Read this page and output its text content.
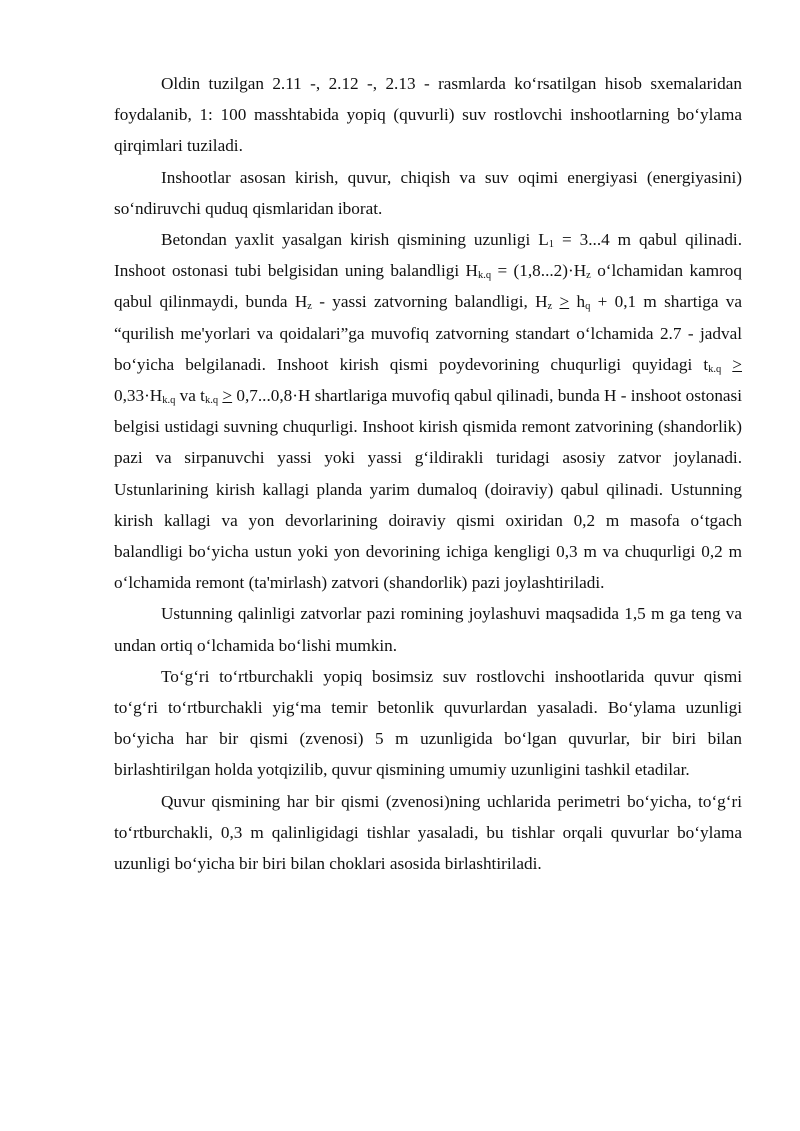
Oldin tuzilgan 2.11 -, 2.12 -, 2.13 - rasmlarda ko‘rsatilgan hisob sxemalaridan foydalanib, 1: 100 masshtabida yopiq (quvurli) suv rostlovchi inshootlarning bo‘ylama qirqimlari tuziladi.

Inshootlar asosan kirish, quvur, chiqish va suv oqimi energiyasi (energiyasini) so‘ndiruvchi quduq qismlaridan iborat.

Betondan yaxlit yasalgan kirish qismining uzunligi $L_1 = 3...4$ m qabul qilinadi. Inshoot ostonasi tubi belgisidan uning balandligi $H_{k.q} = (1,8...2)\cdot H_z$ o‘lchamidan kamroq qabul qilinmaydi, bunda $H_z$ - yassi zatvorning balandligi, $H_z > h_q + 0,1$ m shartiga va “qurilish me'yorlari va qoidalari”ga muvofiq zatvorning standart o‘lchamida 2.7 - jadval bo‘yicha belgilanadi. Inshoot kirish qismi poydevorining chuqurligi quyidagi $t_{k.q} > 0,33\cdot H_{k.q}$ va $t_{k.q} > 0,7...0,8\cdot H$ shartlariga muvofiq qabul qilinadi, bunda H - inshoot ostonasi belgisi ustidagi suvning chuqurligi. Inshoot kirish qismida remont zatvorining (shandorlik) pazi va sirpanuvchi yassi yoki yassi g‘ildirakli turidagi asosiy zatvor joylanadi. Ustunlarining kirish kallagi planda yarim dumaloq (doiraviy) qabul qilinadi. Ustunning kirish kallagi va yon devorlarining doiraviy qismi oxiridan 0,2 m masofa o‘tgach balandligi bo‘yicha ustun yoki yon devorining ichiga kengligi 0,3 m va chuqurligi 0,2 m o‘lchamida remont (ta'mirlash) zatvori (shandorlik) pazi joylashtiriladi.

Ustunning qalinligi zatvorlar pazi romining joylashuvi maqsadida 1,5 m ga teng va undan ortiq o‘lchamida bo‘lishi mumkin.

To‘g‘ri to‘rtburchakli yopiq bosimsiz suv rostlovchi inshootlarida quvur qismi to‘g‘ri to‘rtburchakli yig‘ma temir betonlik quvurlardan yasaladi. Bo‘ylama uzunligi bo‘yicha har bir qismi (zvenosi) 5 m uzunligida bo‘lgan quvurlar, bir biri bilan birlashtirilgan holda yotqizilib, quvur qismining umumiy uzunligini tashkil etadilar.

Quvur qismining har bir qismi (zvenosi)ning uchlarida perimetri bo‘yicha, to‘g‘ri to‘rtburchakli, 0,3 m qalinligidagi tishlar yasaladi, bu tishlar orqali quvurlar bo‘ylama uzunligi bo‘yicha bir biri bilan choklari asosida birlashtiriladi.
